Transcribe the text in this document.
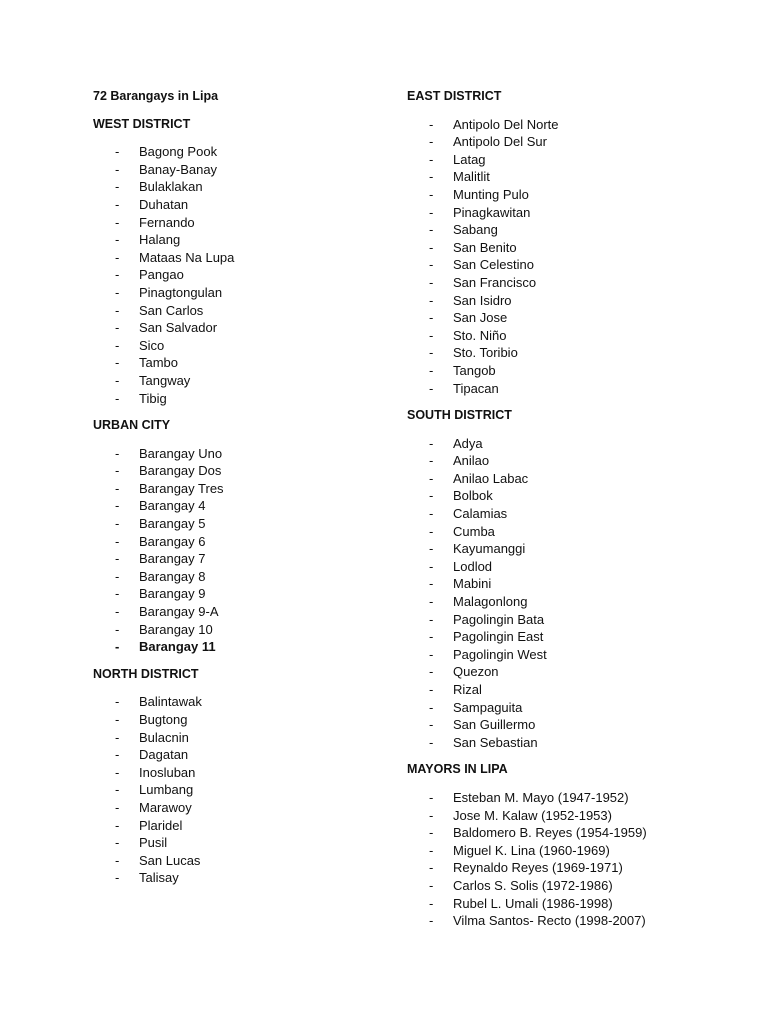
72 Barangays in Lipa
WEST DISTRICT
- Bagong Pook
- Banay-Banay
- Bulaklakan
- Duhatan
- Fernando
- Halang
- Mataas Na Lupa
- Pangao
- Pinagtongulan
- San Carlos
- San Salvador
- Sico
- Tambo
- Tangway
- Tibig
URBAN CITY
- Barangay Uno
- Barangay Dos
- Barangay Tres
- Barangay 4
- Barangay 5
- Barangay 6
- Barangay 7
- Barangay 8
- Barangay 9
- Barangay 9-A
- Barangay 10
- Barangay 11
NORTH DISTRICT
- Balintawak
- Bugtong
- Bulacnin
- Dagatan
- Inosluban
- Lumbang
- Marawoy
- Plaridel
- Pusil
- San Lucas
- Talisay
EAST DISTRICT
- Antipolo Del Norte
- Antipolo Del Sur
- Latag
- Malitlit
- Munting Pulo
- Pinagkawitan
- Sabang
- San Benito
- San Celestino
- San Francisco
- San Isidro
- San Jose
- Sto. Niño
- Sto. Toribio
- Tangob
- Tipacan
SOUTH DISTRICT
- Adya
- Anilao
- Anilao Labac
- Bolbok
- Calamias
- Cumba
- Kayumanggi
- Lodlod
- Mabini
- Malagonlong
- Pagolingin Bata
- Pagolingin East
- Pagolingin West
- Quezon
- Rizal
- Sampaguita
- San Guillermo
- San Sebastian
MAYORS IN LIPA
- Esteban M. Mayo (1947-1952)
- Jose M. Kalaw (1952-1953)
- Baldomero B. Reyes (1954-1959)
- Miguel K. Lina (1960-1969)
- Reynaldo Reyes (1969-1971)
- Carlos S. Solis (1972-1986)
- Rubel L. Umali (1986-1998)
- Vilma Santos- Recto (1998-2007)
